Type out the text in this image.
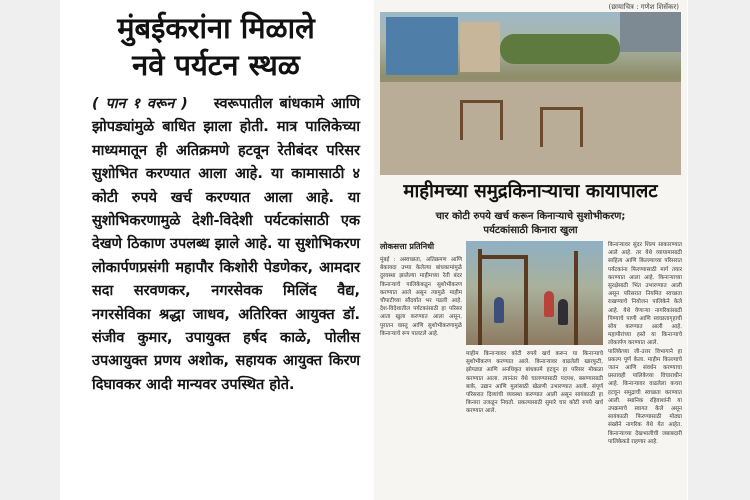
मुंबईकरांना मिळाले
नवे पर्यटन स्थळ
( पान १ वरून ) स्वरूपातील बांधकामे आणि झोपड्यांमुळे बाधित झाला होती. मात्र पालिकेच्या माध्यमातून ही अतिक्रमणे हटवून रेतीबंदर परिसर सुशोभित करण्यात आला आहे. या कामासाठी ४ कोटी रुपये खर्च करण्यात आला आहे. या सुशोभिकरणामुळे देशी-विदेशी पर्यटकांसाठी एक देखणे ठिकाण उपलब्ध झाले आहे. या सुशोभिकरण लोकार्पणप्रसंगी महापौर किशोरी पेडणेकर, आमदार सदा सरवणकर, नगरसेवक मिलिंद वैद्य, नगरसेविका श्रद्धा जाधव, अतिरिक्त आयुक्त डॉ. संजीव कुमार, उपायुक्त हर्षद काळे, पोलीस उपआयुक्त प्रणय अशोक, सहायक आयुक्त किरण दिघावकर आदी मान्यवर उपस्थित होते.
(छायाचित्र : गणेश शिर्सेकर)
माहीमच्या समुद्रकिनाऱ्याचा कायापालट
चार कोटी रुपये खर्च करून किनाऱ्याचे सुशोभीकरण;
पर्यटकांसाठी किनारा खुला
लोकसत्ता प्रतिनिधी
मुंबई : अस्वच्छता, अतिक्रमण आणि बेकायदा उभ्या केलेल्या बांधकामांमुळे दुरवस्था झालेल्या माहीमच्या रेती बंदर किनाऱ्याचे पालिकेकडून सुशोभीकरण करण्यात आले असून त्यामुळे माहीम चौपाटीच्या सौंदर्यात भर पडली आहे. देश-विदेशातील पर्यटकांसाठी हा परिसर आता खुला करण्यात आला असून, पुरातन वास्तू आणि सुशोभीकरणामुळे किनाऱ्याचे रूप पालटले आहे.
माहीम किनाऱ्यावर कोटी रुपये खर्च करून या किनाऱ्याचे सुशोभीकरण करण्यात आले. किनाऱ्यावर वाढलेली खारफुटी, झोपड्या आणि अनधिकृत बांधकामे हटवून हा परिसर मोकळा करण्यात आला. त्यानंतर येथे चालण्यासाठी पदपथ, बसण्यासाठी बाके, उद्यान आणि मुलांसाठी खेळणी उभारण्यात आली. संपूर्ण परिसरात दिव्यांची व्यवस्था करण्यात आली असून सायंकाळी हा किनारा उजळून निघतो. प्रकल्पासाठी सुमारे चार कोटी रुपये खर्च करण्यात आले.
किनाऱ्यावर सुंदर शिल्प साकारण्यात आले आहे. तर येथे व्यायामासाठी साहित्य आणि किल्ल्याच्या परिसरात पर्यटकांना फिरण्यासाठी मार्ग तयार करण्यात आला आहे. किनाऱ्याच्या सुरक्षेसाठी भिंत उभारण्यात आली असून परिसरात नियमित स्वच्छता राखण्याचे नियोजन पालिकेने केले आहे. येथे येणाऱ्या नागरिकांसाठी पिण्याचे पाणी आणि स्वच्छतागृहाची सोय करण्यात आली आहे. महापौरांच्या हस्ते या किनाऱ्याचे लोकार्पण करण्यात आले.
पालिकेच्या जी-उत्तर विभागाने हा प्रकल्प पूर्ण केला. माहीम किल्ल्याचे जतन आणि संवर्धन करण्याचा प्रस्तावही पालिकेच्या विचाराधीन आहे. किनाऱ्यावर वाढलेला कचरा हटवून समुद्राची स्वच्छता करण्यात आली. स्थानिक रहिवाशांनी या उपक्रमाचे स्वागत केले असून सायंकाळी फिरण्यासाठी मोठ्या संख्येने नागरिक येथे येत आहेत. किनाऱ्याच्या देखभालीची जबाबदारी पालिकेकडे राहणार आहे.
